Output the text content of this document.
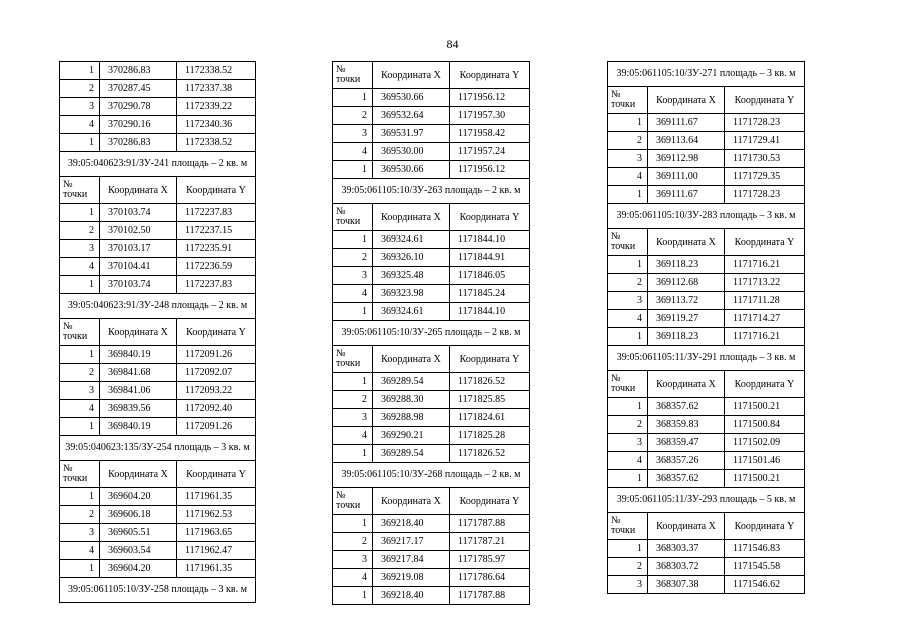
84
1	370286.83	1172338.52
2	370287.45	1172337.38
3	370290.78	1172339.22
4	370290.16	1172340.36
1	370286.83	1172338.52
39:05:040623:91/ЗУ-241 площадь – 2 кв. м		
№ точки	Координата X	Координата Y
1	370103.74	1172237.83
2	370102.50	1172237.15
3	370103.17	1172235.91
4	370104.41	1172236.59
1	370103.74	1172237.83
39:05:040623:91/ЗУ-248 площадь – 2 кв. м		
№ точки	Координата X	Координата Y
1	369840.19	1172091.26
2	369841.68	1172092.07
3	369841.06	1172093.22
4	369839.56	1172092.40
1	369840.19	1172091.26
39:05:040623:135/ЗУ-254 площадь – 3 кв. м		
№ точки	Координата X	Координата Y
1	369604.20	1171961.35
2	369606.18	1171962.53
3	369605.51	1171963.65
4	369603.54	1171962.47
1	369604.20	1171961.35
39:05:061105:10/ЗУ-258 площадь – 3 кв. м		
№ точки	Координата X	Координата Y
1	369530.66	1171956.12
2	369532.64	1171957.30
3	369531.97	1171958.42
4	369530.00	1171957.24
1	369530.66	1171956.12
39:05:061105:10/ЗУ-263 площадь – 2 кв. м		
№ точки	Координата X	Координата Y
1	369324.61	1171844.10
2	369326.10	1171844.91
3	369325.48	1171846.05
4	369323.98	1171845.24
1	369324.61	1171844.10
39:05:061105:10/ЗУ-265 площадь – 2 кв. м		
№ точки	Координата X	Координата Y
1	369289.54	1171826.52
2	369288.30	1171825.85
3	369288.98	1171824.61
4	369290.21	1171825.28
1	369289.54	1171826.52
39:05:061105:10/ЗУ-268 площадь – 2 кв. м		
№ точки	Координата X	Координата Y
1	369218.40	1171787.88
2	369217.17	1171787.21
3	369217.84	1171785.97
4	369219.08	1171786.64
1	369218.40	1171787.88
39:05:061105:10/ЗУ-271 площадь – 3 кв. м		
№ точки	Координата X	Координата Y
1	369111.67	1171728.23
2	369113.64	1171729.41
3	369112.98	1171730.53
4	369111.00	1171729.35
1	369111.67	1171728.23
39:05:061105:10/ЗУ-283 площадь – 3 кв. м		
№ точки	Координата X	Координата Y
1	369118.23	1171716.21
2	369112.68	1171713.22
3	369113.72	1171711.28
4	369119.27	1171714.27
1	369118.23	1171716.21
39:05:061105:11/ЗУ-291 площадь – 3 кв. м		
№ точки	Координата X	Координата Y
1	368357.62	1171500.21
2	368359.83	1171500.84
3	368359.47	1171502.09
4	368357.26	1171501.46
1	368357.62	1171500.21
39:05:061105:11/ЗУ-293 площадь – 5 кв. м		
№ точки	Координата X	Координата Y
1	368303.37	1171546.83
2	368303.72	1171545.58
3	368307.38	1171546.62
